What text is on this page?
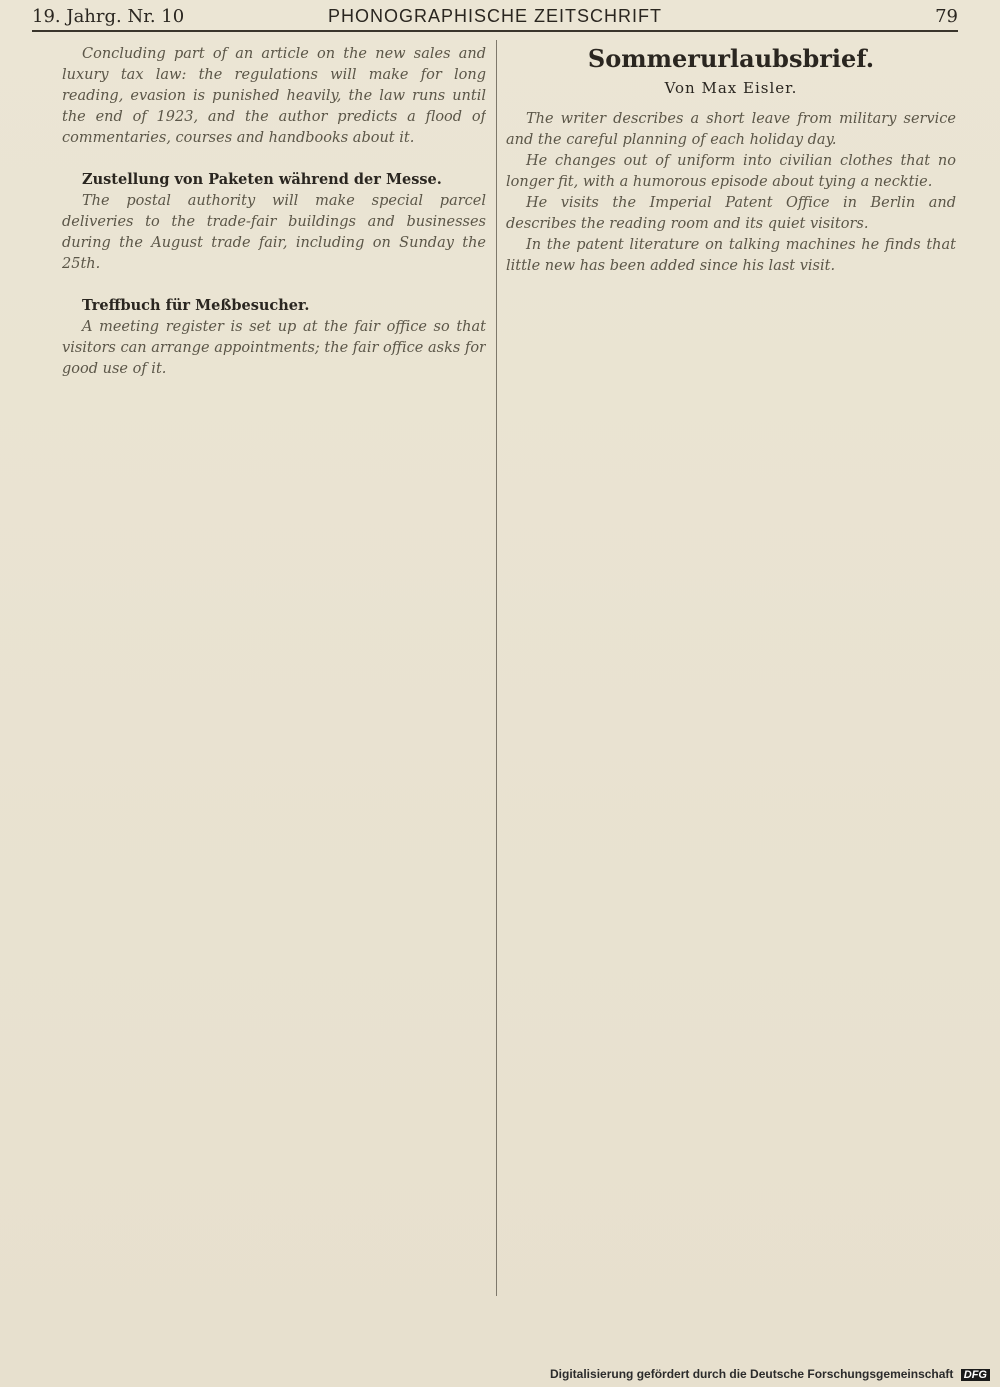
19. Jahrg. Nr. 10	PHONOGRAPHISCHE ZEITSCHRIFT	79

Concluding part of an article on the new sales and luxury tax law: the regulations will make for long reading, evasion is punished heavily, the law runs until the end of 1923, and the author predicts a flood of commentaries, courses and handbooks about it.

Zustellung von Paketen während der Messe.

The postal authority will make special parcel deliveries to the trade-fair buildings and businesses during the August trade fair, including on Sunday the 25th.

Treffbuch für Meßbesucher.

A meeting register is set up at the fair office so that visitors can arrange appointments; the fair office asks for good use of it.

Sommerurlaubsbrief.
Von Max Eisler.

The writer describes a short leave from military service and the careful planning of each holiday day.

He changes out of uniform into civilian clothes that no longer fit, with a humorous episode about tying a necktie.

He visits the Imperial Patent Office in Berlin and describes the reading room and its quiet visitors.

In the patent literature on talking machines he finds that little new has been added since his last visit.

Digitalisierung gefördert durch die Deutsche Forschungsgemeinschaft DFG
